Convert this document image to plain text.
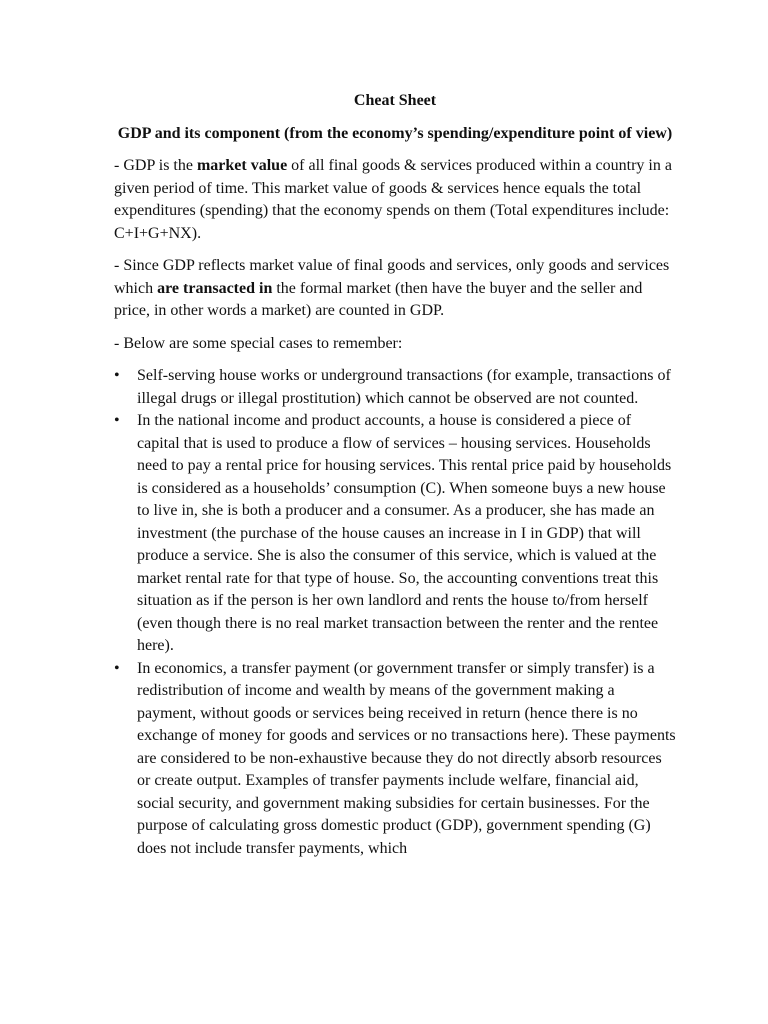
Cheat Sheet
GDP and its component (from the economy’s spending/expenditure point of view)

- GDP is the market value of all final goods & services produced within a country in a given period of time. This market value of goods & services hence equals the total expenditures (spending) that the economy spends on them (Total expenditures include: C+I+G+NX).

- Since GDP reflects market value of final goods and services, only goods and services which are transacted in the formal market (then have the buyer and the seller and price, in other words a market) are counted in GDP.

- Below are some special cases to remember:

• Self-serving house works or underground transactions (for example, transactions of illegal drugs or illegal prostitution) which cannot be observed are not counted.
• In the national income and product accounts, a house is considered a piece of capital that is used to produce a flow of services – housing services. Households need to pay a rental price for housing services. This rental price paid by households is considered as a households’ consumption (C). When someone buys a new house to live in, she is both a producer and a consumer. As a producer, she has made an investment (the purchase of the house causes an increase in I in GDP) that will produce a service. She is also the consumer of this service, which is valued at the market rental rate for that type of house. So, the accounting conventions treat this situation as if the person is her own landlord and rents the house to/from herself (even though there is no real market transaction between the renter and the rentee here).
• In economics, a transfer payment (or government transfer or simply transfer) is a redistribution of income and wealth by means of the government making a payment, without goods or services being received in return (hence there is no exchange of money for goods and services or no transactions here). These payments are considered to be non-exhaustive because they do not directly absorb resources or create output. Examples of transfer payments include welfare, financial aid, social security, and government making subsidies for certain businesses. For the purpose of calculating gross domestic product (GDP), government spending (G) does not include transfer payments, which
